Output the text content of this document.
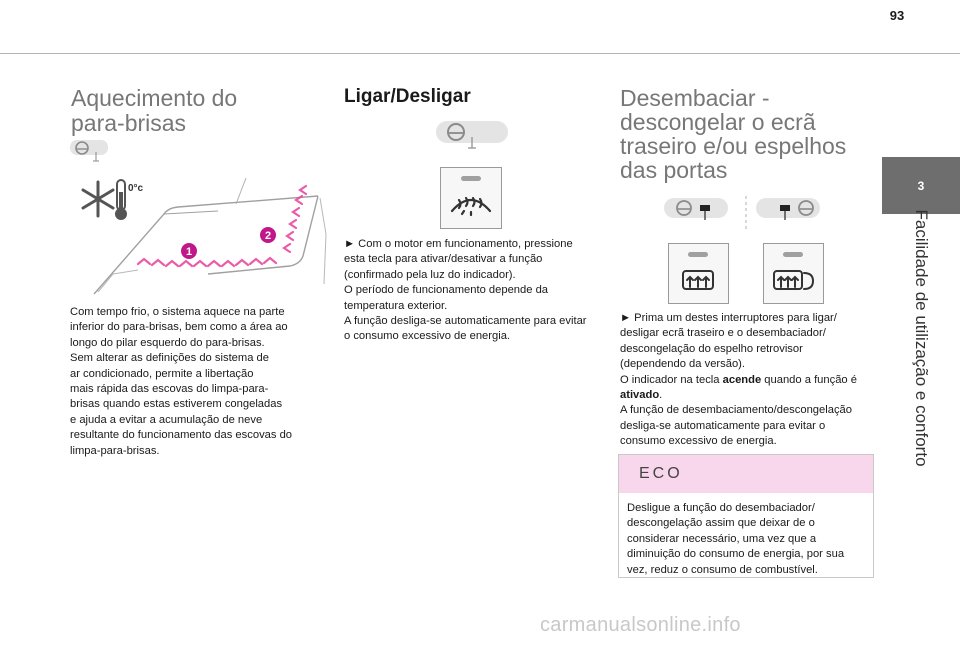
93
3
Facilidade de utilização e conforto
Aquecimento do
para-brisas
0°c
1
2

Com tempo frio, o sistema aquece na parte

inferior do para-brisas, bem como a área ao

longo do pilar esquerdo do para-brisas.

Sem alterar as definições do sistema de

ar condicionado, permite a libertação

mais rápida das escovas do limpa-para-

brisas quando estas estiverem congeladas

e ajuda a evitar a acumulação de neve

resultante do funcionamento das escovas do

limpa-para-brisas.

Ligar/Desligar

► Com o motor em funcionamento, pressione

esta tecla para ativar/desativar a função

(confirmado pela luz do indicador).

O período de funcionamento depende da

temperatura exterior.

A função desliga-se automaticamente para evitar

o consumo excessivo de energia.

Desembaciar -
descongelar o ecrã
traseiro e/ou espelhos
das portas

► Prima um destes interruptores para ligar/

desligar ecrã traseiro e o desembaciador/

descongelação do espelho retrovisor

(dependendo da versão).

O indicador na tecla acende quando a função é

ativado.

A função de desembaciamento/descongelação

desliga-se automaticamente para evitar o

consumo excessivo de energia.

ECO
Desligue a função do desembaciador/
descongelação assim que deixar de o
considerar necessário, uma vez que a
diminuição do consumo de energia, por sua
vez, reduz o consumo de combustível.
carmanualsonline.info
